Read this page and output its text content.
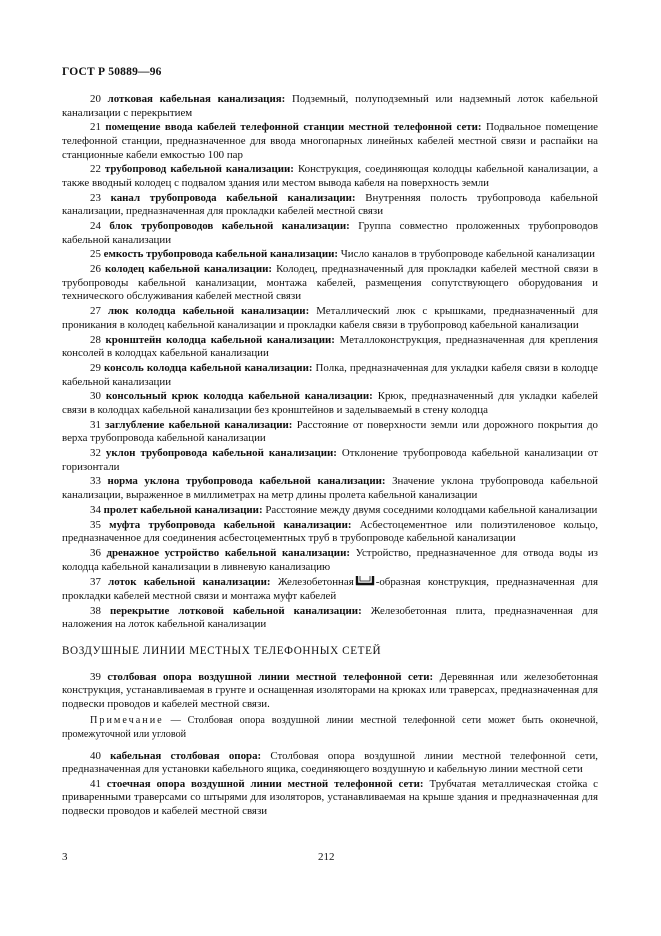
ГОСТ Р 50889—96

20 лотковая кабельная канализация: Подземный, полуподземный или надземный лоток кабельной канализации с перекрытием

21 помещение ввода кабелей телефонной станции местной телефонной сети: Подвальное помещение телефонной станции, предназначенное для ввода многопарных линейных кабелей местной связи и распайки на станционные кабели емкостью 100 пар

22 трубопровод кабельной канализации: Конструкция, соединяющая колодцы кабельной канализации, а также вводный колодец с подвалом здания или местом вывода кабеля на поверхность земли

23 канал трубопровода кабельной канализации: Внутренняя полость трубопровода кабельной канализации, предназначенная для прокладки кабелей местной связи

24 блок трубопроводов кабельной канализации: Группа совместно проложенных трубопроводов кабельной канализации

25 емкость трубопровода кабельной канализации: Число каналов в трубопроводе кабельной канализации

26 колодец кабельной канализации: Колодец, предназначенный для прокладки кабелей местной связи в трубопроводы кабельной канализации, монтажа кабелей, размещения сопутствующего оборудования и технического обслуживания кабелей местной связи

27 люк колодца кабельной канализации: Металлический люк с крышками, предназначенный для проникания в колодец кабельной канализации и прокладки кабеля связи в трубопровод кабельной канализации

28 кронштейн колодца кабельной канализации: Металлоконструкция, предназначенная для крепления консолей в колодцах кабельной канализации

29 консоль колодца кабельной канализации: Полка, предназначенная для укладки кабеля связи в колодце кабельной канализации

30 консольный крюк колодца кабельной канализации: Крюк, предназначенный для укладки кабелей связи в колодцах кабельной канализации без кронштейнов и заделываемый в стену колодца

31 заглубление кабельной канализации: Расстояние от поверхности земли или дорожного покрытия до верха трубопровода кабельной канализации

32 уклон трубопровода кабельной канализации: Отклонение трубопровода кабельной канализации от горизонтали

33 норма уклона трубопровода кабельной канализации: Значение уклона трубопровода кабельной канализации, выраженное в миллиметрах на метр длины пролета кабельной канализации

34 пролет кабельной канализации: Расстояние между двумя соседними колодцами кабельной канализации

35 муфта трубопровода кабельной канализации: Асбестоцементное или полиэтиленовое кольцо, предназначенное для соединения асбестоцементных труб в трубопроводе кабельной канализации

36 дренажное устройство кабельной канализации: Устройство, предназначенное для отвода воды из колодца кабельной канализации в ливневую канализацию

37 лоток кабельной канализации: Железобетонная -образная конструкция, предназначенная для прокладки кабелей местной связи и монтажа муфт кабелей

38 перекрытие лотковой кабельной канализации: Железобетонная плита, предназначенная для наложения на лоток кабельной канализации

ВОЗДУШНЫЕ ЛИНИИ МЕСТНЫХ ТЕЛЕФОННЫХ СЕТЕЙ

39 столбовая опора воздушной линии местной телефонной сети: Деревянная или железобетонная конструкция, устанавливаемая в грунте и оснащенная изоляторами на крюках или траверсах, предназначенная для подвески проводов и кабелей местной связи.

Примечание — Столбовая опора воздушной линии местной телефонной сети может быть оконечной, промежуточной или угловой

40 кабельная столбовая опора: Столбовая опора воздушной линии местной телефонной сети, предназначенная для установки кабельного ящика, соединяющего воздушную и кабельную линии местной сети

41 стоечная опора воздушной линии местной телефонной сети: Трубчатая металлическая стойка с приваренными траверсами со штырями для изоляторов, устанавливаемая на крыше здания и предназначенная для подвески проводов и кабелей местной связи

3	212
